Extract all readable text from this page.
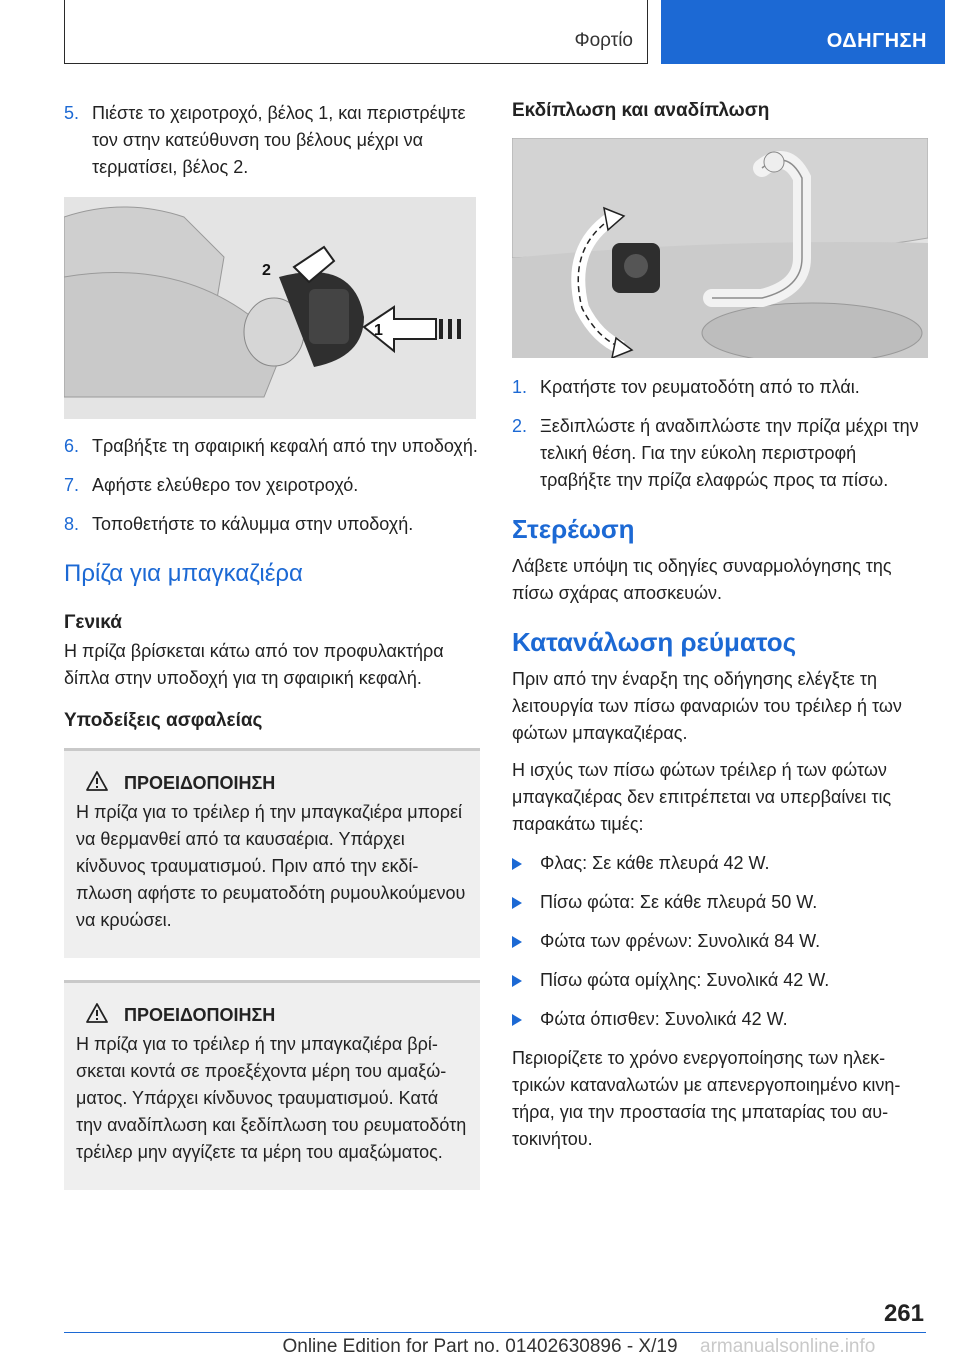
Φορτίο	ΟΔΗΓΗΣΗ
5. Πιέστε το χειροτροχό, βέλος 1, και περιστρέψτε τον στην κατεύθυνση του βέλους μέχρι να τερματίσει, βέλος 2.
1
2
6. Τραβήξτε τη σφαιρική κεφαλή από την υποδοχή.
7. Αφήστε ελεύθερο τον χειροτροχό.
8. Τοποθετήστε το κάλυμμα στην υποδοχή.
Πρίζα για μπαγκαζιέρα
Γενικά

Η πρίζα βρίσκεται κάτω από τον προφυλακτήρα δίπλα στην υποδοχή για τη σφαιρική κεφαλή.

Υποδείξεις ασφαλείας
ΠΡΟΕΙΔΟΠΟΙΗΣΗ

Η πρίζα για το τρέιλερ ή την μπαγκαζιέρα μπορεί να θερμανθεί από τα καυσαέρια. Υπάρχει κίνδυνος τραυματισμού. Πριν από την εκδίπλωση αφήστε το ρευματοδότη ρυμουλκούμενου να κρυώσει.

ΠΡΟΕΙΔΟΠΟΙΗΣΗ

Η πρίζα για το τρέιλερ ή την μπαγκαζιέρα βρίσκεται κοντά σε προεξέχοντα μέρη του αμαξώματος. Υπάρχει κίνδυνος τραυματισμού. Κατά την αναδίπλωση και ξεδίπλωση του ρευματοδότη τρέιλερ μην αγγίζετε τα μέρη του αμαξώματος.

Εκδίπλωση και αναδίπλωση
1. Κρατήστε τον ρευματοδότη από το πλάι.
2. Ξεδιπλώστε ή αναδιπλώστε την πρίζα μέχρι την τελική θέση. Για την εύκολη περιστροφή τραβήξτε την πρίζα ελαφρώς προς τα πίσω.
Στερέωση

Λάβετε υπόψη τις οδηγίες συναρμολόγησης της πίσω σχάρας αποσκευών.

Κατανάλωση ρεύματος

Πριν από την έναρξη της οδήγησης ελέγξτε τη λειτουργία των πίσω φαναριών του τρέιλερ ή των φώτων μπαγκαζιέρας.

Η ισχύς των πίσω φώτων τρέιλερ ή των φώτων μπαγκαζιέρας δεν επιτρέπεται να υπερβαίνει τις παρακάτω τιμές:

Φλας: Σε κάθε πλευρά 42 W.
Πίσω φώτα: Σε κάθε πλευρά 50 W.
Φώτα των φρένων: Συνολικά 84 W.
Πίσω φώτα ομίχλης: Συνολικά 42 W.
Φώτα όπισθεν: Συνολικά 42 W.

Περιορίζετε το χρόνο ενεργοποίησης των ηλεκτρικών καταναλωτών με απενεργοποιημένο κινητήρα, για την προστασία της μπαταρίας του αυτοκινήτου.

261
Online Edition for Part no. 01402630896 - X/19	armanualsonline.info
